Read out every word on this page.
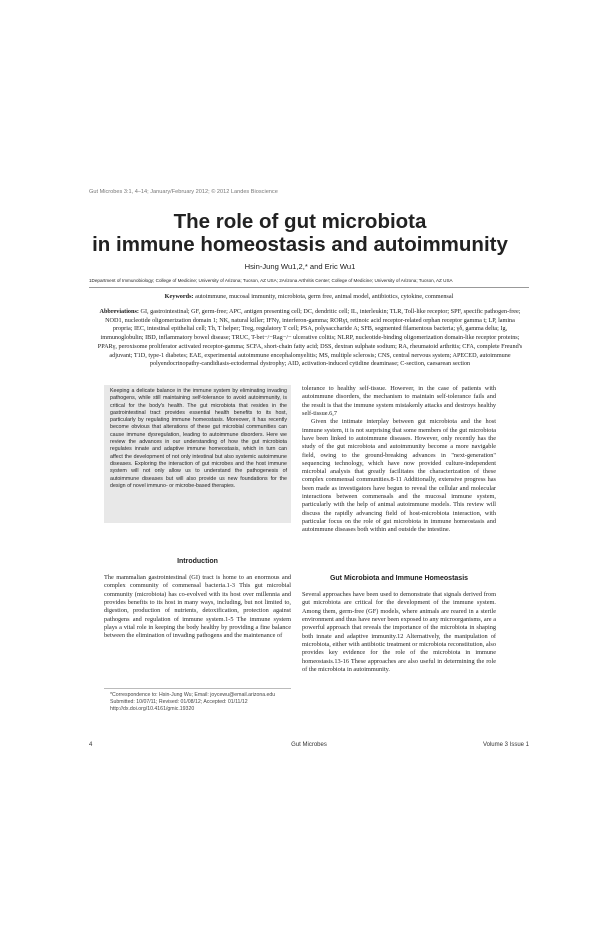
Gut Microbes 3:1, 4–14; January/February 2012; © 2012 Landes Bioscience
The role of gut microbiota
in immune homeostasis and autoimmunity
Hsin-Jung Wu1,2,* and Eric Wu1
1Department of Immunobiology; College of Medicine; University of Arizona; Tucson, AZ USA; 2Arizona Arthritis Center; College of Medicine; University of Arizona; Tucson, AZ USA
Keywords: autoimmune, mucosal immunity, microbiota, germ free, animal model, antibiotics, cytokine, commensal
Abbreviations: GI, gastrointestinal; GF, germ-free; APC, antigen presenting cell; DC, dendritic cell; IL, interleukin; TLR, Toll-like receptor; SPF, specific pathogen-free; NOD1, nucleotide oligomerization domain 1; NK, natural killer; IFNγ, interferon-gamma; RORγt, retinoic acid receptor-related orphan receptor gamma t; LP, lamina propria; IEC, intestinal epithelial cell; Th, T helper; Treg, regulatory T cell; PSA, polysaccharide A; SFB, segmented filamentous bacteria; γδ, gamma delta; Ig, immunoglobulin; IBD, inflammatory bowel disease; TRUC, T-bet−/−Rag−/− ulcerative colitis; NLRP, nucleotide-binding oligomerization domain-like receptor proteins; PPARγ, peroxisome proliferator activated receptor-gamma; SCFA, short-chain fatty acid; DSS, dextran sulphate sodium; RA, rheumatoid arthritis; CFA, complete Freund's adjuvant; T1D, type-1 diabetes; EAE, experimental autoimmune encephalomyelitis; MS, multiple sclerosis; CNS, central nervous system; APECED, autoimmune polyendocrinopathy-candidiasis-ectodermal dystrophy; AID, activation-induced cytidine deaminase; C-section, caesarean section
Keeping a delicate balance in the immune system by eliminating invading pathogens, while still maintaining self-tolerance to avoid autoimmunity, is critical for the body's health. The gut microbiota that resides in the gastrointestinal tract provides essential health benefits to its host, particularly by regulating immune homeostasis. Moreover, it has recently become obvious that alterations of these gut microbial communities can cause immune dysregulation, leading to autoimmune disorders. Here we review the advances in our understanding of how the gut microbiota regulates innate and adaptive immune homeostasis, which in turn can affect the development of not only intestinal but also systemic autoimmune diseases. Exploring the interaction of gut microbes and the host immune system will not only allow us to understand the pathogenesis of autoimmune diseases but will also provide us new foundations for the design of novel immuno- or microbe-based therapies.
Introduction

The mammalian gastrointestinal (GI) tract is home to an enormous and complex community of commensal bacteria.1-3 This gut microbial community (microbiota) has co-evolved with its host over millennia and provides benefits to its host in many ways, including, but not limited to, digestion, production of nutrients, detoxification, protection against pathogens and regulation of immune system.1-5 The immune system plays a vital role in keeping the body healthy by providing a fine balance between the elimination of invading pathogens and the maintenance of

*Correspondence to: Hsin-Jung Wu; Email: joycewu@email.arizona.edu
Submitted: 10/07/11; Revised: 01/08/12; Accepted: 01/11/12
http://dx.doi.org/10.4161/gmic.19320

tolerance to healthy self-tissue. However, in the case of patients with autoimmune disorders, the mechanism to maintain self-tolerance fails and the result is that the immune system mistakenly attacks and destroys healthy self-tissue.6,7

Given the intimate interplay between gut microbiota and the host immune system, it is not surprising that some members of the gut microbiota have been linked to autoimmune diseases. However, only recently has the study of the gut microbiota and autoimmunity become a more navigable field, owing to the ground-breaking advances in "next-generation" sequencing technology, which have now provided culture-independent microbial analysis that greatly facilitates the characterization of these complex commensal communities.8-11 Additionally, extensive progress has been made as investigators have begun to reveal the cellular and molecular interactions between commensals and the mucosal immune system, particularly with the help of animal autoimmune models. This review will discuss the rapidly advancing field of host-microbiota interaction, with particular focus on the role of gut microbiota in immune homeostasis and autoimmune diseases both within and outside the intestine.

Gut Microbiota and Immune Homeostasis

Several approaches have been used to demonstrate that signals derived from gut microbiota are critical for the development of the immune system. Among them, germ-free (GF) models, where animals are reared in a sterile environment and thus have never been exposed to any microorganisms, are a powerful approach that reveals the importance of the microbiota in shaping both innate and adaptive immunity.12 Alternatively, the manipulation of microbiota, either with antibiotic treatment or microbiota reconstitution, also provides key evidence for the role of the microbiota in immune homeostasis.13-16 These approaches are also useful in determining the role of the microbiota in autoimmunity.

4	Gut Microbes	Volume 3 Issue 1
